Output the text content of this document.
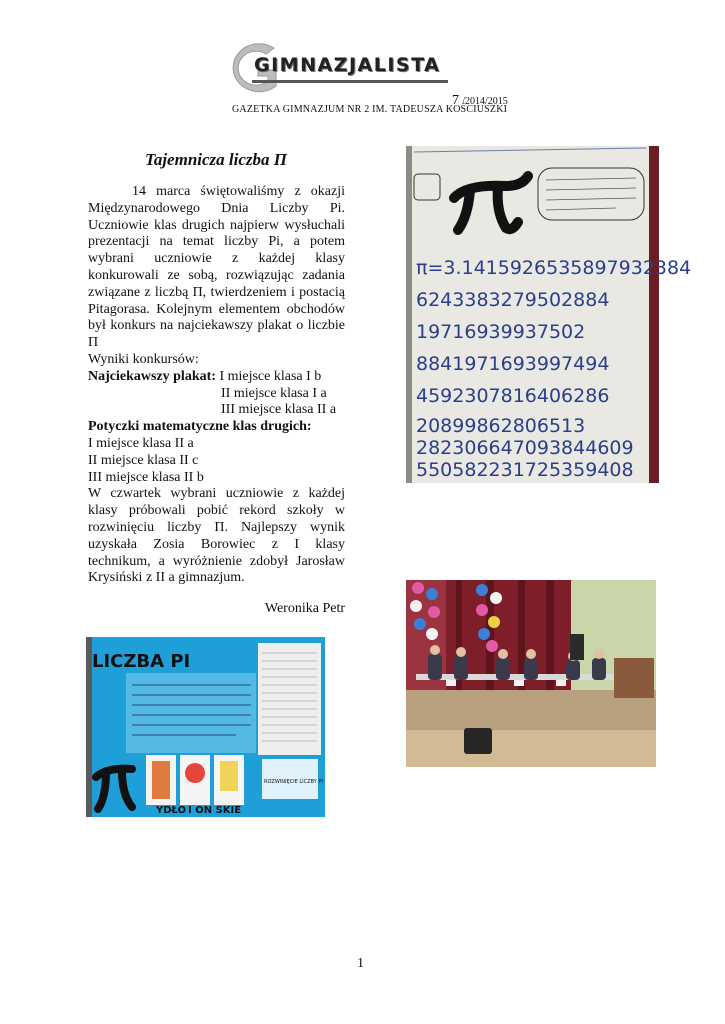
GIMNAZJALISTA
7 /2014/2015
GAZETKA GIMNAZJUM NR 2 IM. TADEUSZA KOŚCIUSZKI
Tajemnicza liczba Π

14 marca świętowaliśmy z okazji Międzynarodowego Dnia Liczby Pi. Uczniowie klas drugich najpierw wysłuchali prezentacji na temat liczby Pi, a potem wybrani uczniowie z każdej klasy konkurowali ze sobą, rozwiązując zadania związane z liczbą Π, twierdzeniem i postacią Pitagorasa. Kolejnym elementem obchodów był konkurs na najciekawszy plakat o liczbie Π

Wyniki konkursów:

Najciekawszy plakat:
I miejsce klasa I b
II miejsce klasa I a
III miejsce klasa II a
Potyczki matematyczne klas drugich:
I miejsce klasa II a
II miejsce klasa II c
III miejsce klasa II b

W czwartek wybrani uczniowie z każdej klasy próbowali pobić rekord szkoły w rozwinięciu liczby Π. Najlepszy wynik uzyskała Zosia Borowiec z I klasy technikum, a wyróżnienie zdobył Jarosław Krysiński z II a gimnazjum.

Weronika Petr

π=3.14159265358979323​84
6243383279502884
1971693993​7502
8841971693997494
4592307816406286
2089986280651​3
2823066470938446​09
550582231725359408
LICZBA PI
YDŁO I ON SKIE
ROZWINIĘCIE LICZBY PI
1
